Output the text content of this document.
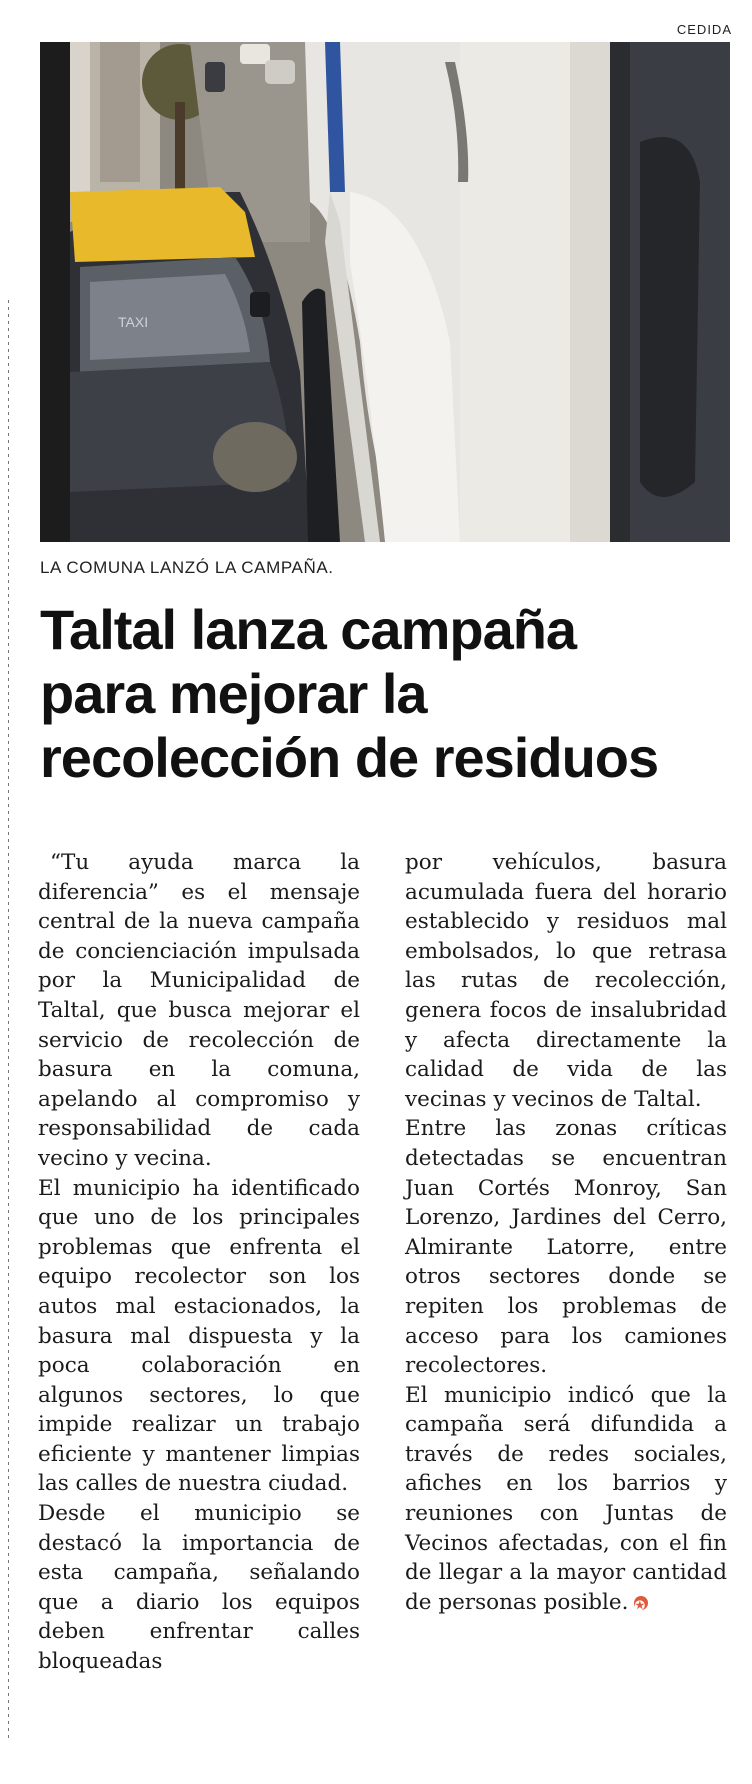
CEDIDA
TAXI
LA COMUNA LANZÓ LA CAMPAÑA.
Taltal lanza campaña
para mejorar la
recolección de residuos

“Tu ayuda marca la diferencia” es el mensaje central de la nueva campaña de concienciación impulsada por la Municipalidad de Taltal, que busca mejorar el servicio de recolección de basura en la comuna, apelando al compromiso y responsabilidad de cada vecino y vecina.

El municipio ha identificado que uno de los principales problemas que enfrenta el equipo recolector son los autos mal estacionados, la basura mal dispuesta y la poca colaboración en algunos sectores, lo que impide realizar un trabajo eficiente y mantener limpias las calles de nuestra ciudad.

Desde el municipio se destacó la importancia de esta campaña, señalando que a diario los equipos deben enfrentar calles bloqueadas

por vehículos, basura acumulada fuera del horario establecido y residuos mal embolsados, lo que retrasa las rutas de recolección, genera focos de insalubridad y afecta directamente la calidad de vida de las vecinas y vecinos de Taltal.

Entre las zonas críticas detectadas se encuentran Juan Cortés Monroy, San Lorenzo, Jardines del Cerro, Almirante Latorre, entre otros sectores donde se repiten los problemas de acceso para los camiones recolectores.

El municipio indicó que la campaña será difundida a través de redes sociales, afiches en los barrios y reuniones con Juntas de Vecinos afectadas, con el fin de llegar a la mayor cantidad de personas posible.✪
